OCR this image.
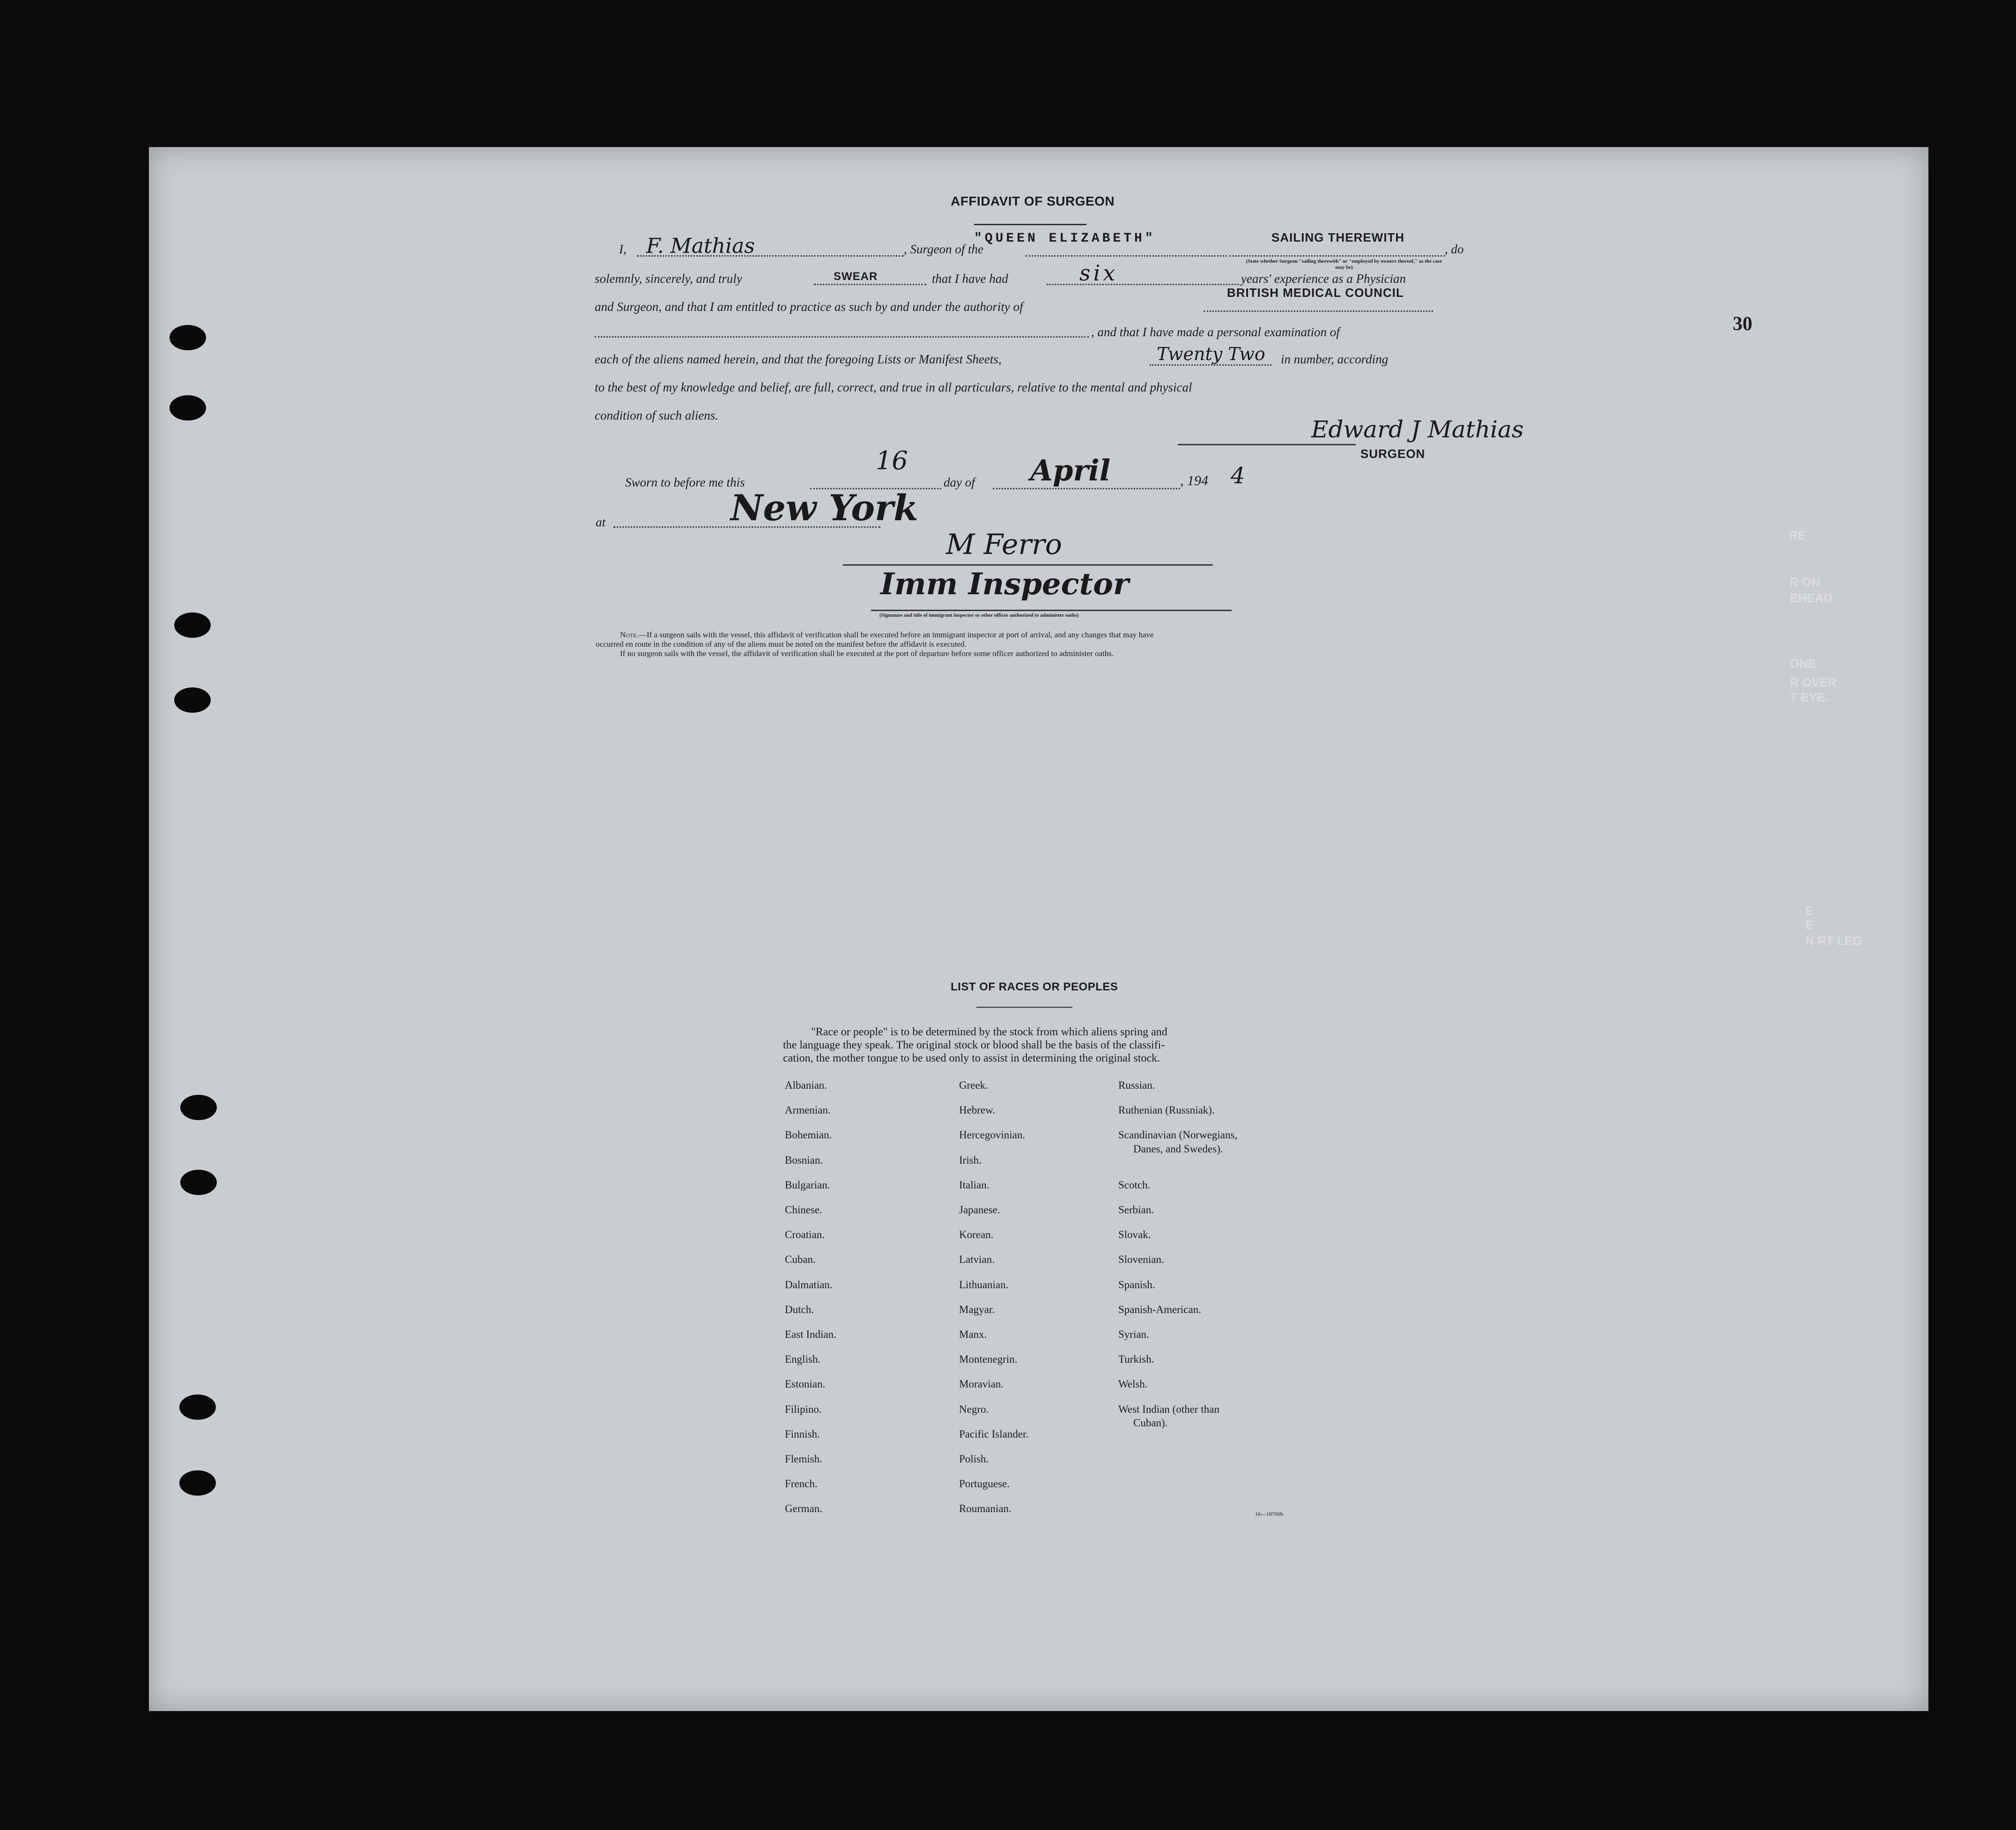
30
AFFIDAVIT OF SURGEON
I, F. Mathias	, Surgeon of the
"QUEEN ELIZABETH"	SAILING THEREWITH
(State whether Surgeon "sailing therewith" or "employed by owners thereof," as the case may be)
, do
solemnly, sincerely, and truly	SWEAR	that I have had	six	years' experience as a Physician
and Surgeon, and that I am entitled to practice as such by and under the authority of
BRITISH MEDICAL COUNCIL
, and that I have made a personal examination of
each of the aliens named herein, and that the foregoing Lists or Manifest Sheets,	Twenty Two in number, according
to the best of my knowledge and belief, are full, correct, and true in all particulars, relative to the mental and physical
condition of such aliens.
Edward J Mathias
SURGEON
Sworn to before me this
16
day of April	, 194 4
at	New York
M Ferro
Imm Inspector
(Signature and title of immigrant inspector or other officer authorized to administer oaths)
Note.—If a surgeon sails with the vessel, this affidavit of verification shall be executed before an immigrant inspector at port of arrival, and any changes that may have
occurred en route in the condition of any of the aliens must be noted on the manifest before the affidavit is executed.
If no surgeon sails with the vessel, the affidavit of verification shall be executed at the port of departure before some officer authorized to administer oaths.
LIST OF RACES OR PEOPLES
"Race or people" is to be determined by the stock from which aliens spring and
the language they speak. The original stock or blood shall be the basis of the classifi-
cation, the mother tongue to be used only to assist in determining the original stock.
Albanian.
Armenian.
Bohemian.
Bosnian.
Bulgarian.
Chinese.
Croatian.
Cuban.
Dalmatian.
Dutch.
East Indian.
English.
Estonian.
Filipino.
Finnish.
Flemish.
French.
German.
Greek.
Hebrew.
Hercegovinian.
Irish.
Italian.
Japanese.
Korean.
Latvian.
Lithuanian.
Magyar.
Manx.
Montenegrin.
Moravian.
Negro.
Pacific Islander.
Polish.
Portuguese.
Roumanian.
Russian.
Ruthenian (Russniak).
Scandinavian (Norwegians,
Danes, and Swedes).
Scotch.
Serbian.
Slovak.
Slovenian.
Spanish.
Spanish-American.
Syrian.
Turkish.
Welsh.
West Indian (other than
Cuban).
16—18700b
RE
R ON
EHEAD
ONE
R OVER
T EYE.
E
E
N RT LEG
